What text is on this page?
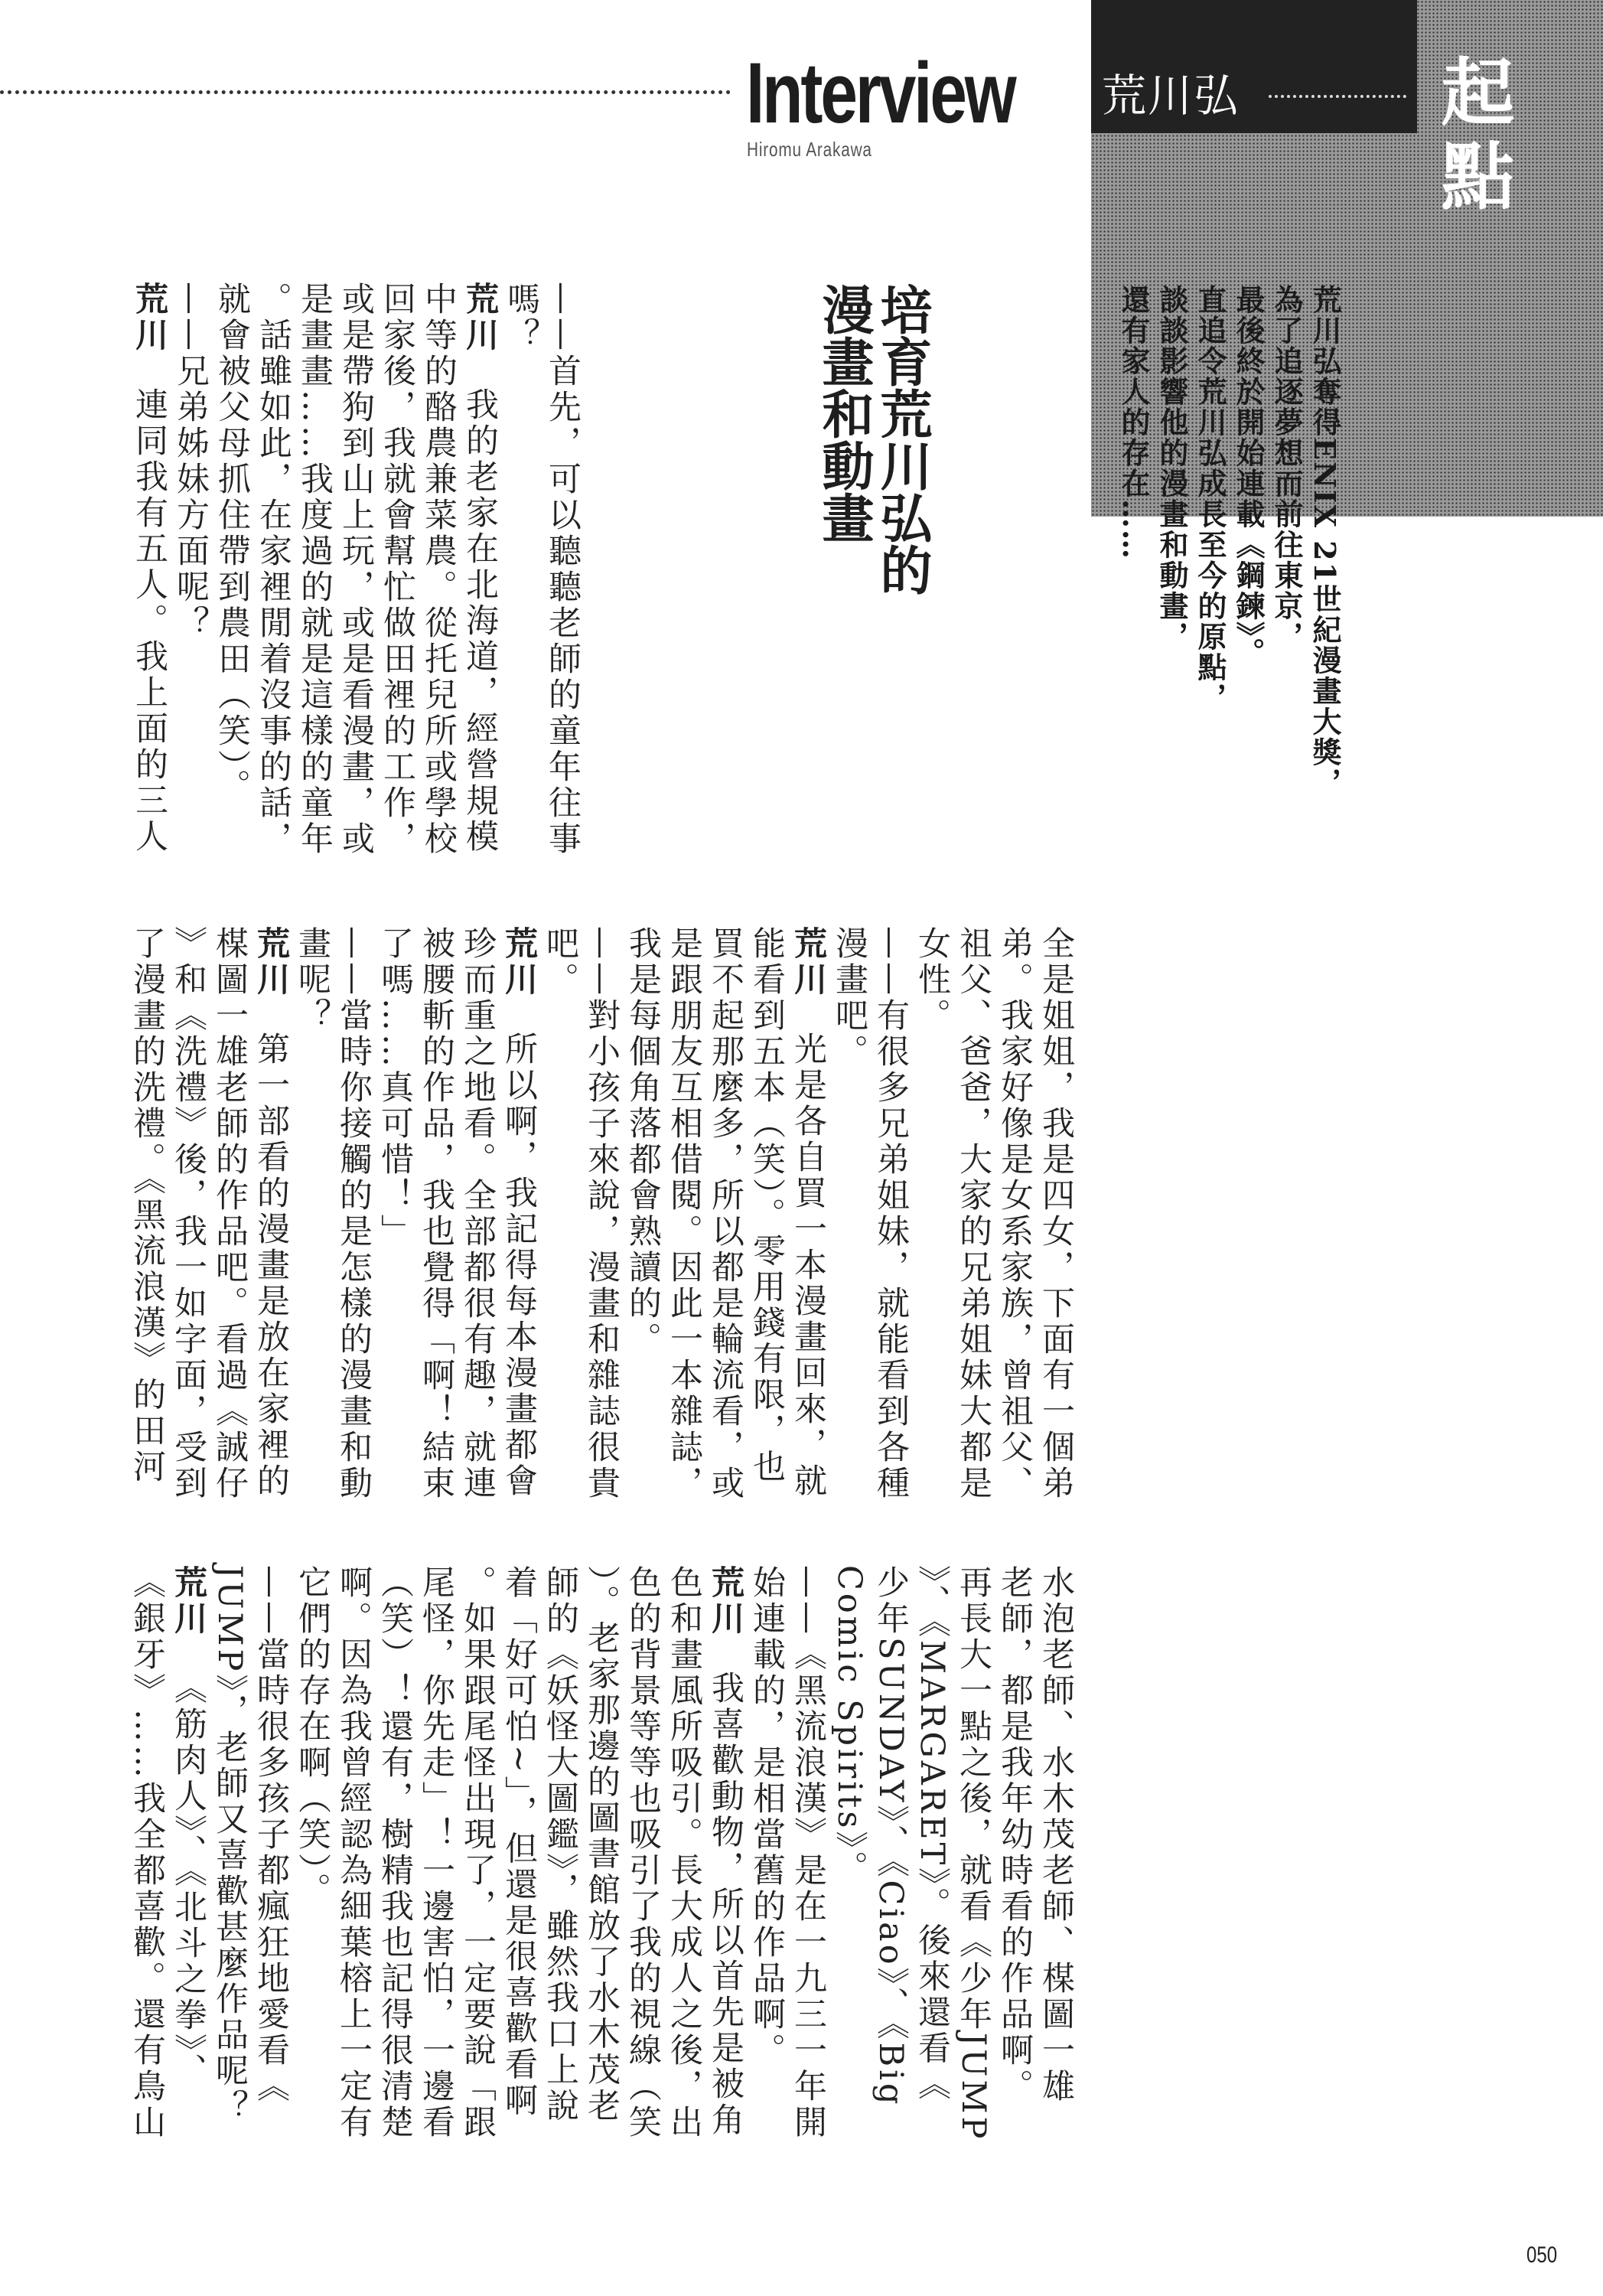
Interview
Hiromu Arakawa
荒川弘	起點
荒川弘奪得ENIX 21世紀漫畫大獎，
為了追逐夢想而前往東京，
最後終於開始連載《鋼鍊》。
直追令荒川弘成長至今的原點，
談談影響他的漫畫和動畫，
還有家人的存在……
培育荒川弘的
漫畫和動畫
——首先，可以聽聽老師的童年往事
嗎？
荒川我的老家在北海道，經營規模
中等的酪農兼菜農。從托兒所或學校
回家後，我就會幫忙做田裡的工作，
或是帶狗到山上玩，或是看漫畫，或
是畫畫……我度過的就是這樣的童年
。話雖如此，在家裡閒着沒事的話，
就會被父母抓住帶到農田（笑）。
——兄弟姊妹方面呢？
荒川連同我有五人。我上面的三人
全是姐姐，我是四女，下面有一個弟
弟。我家好像是女系家族，曾祖父、
祖父、爸爸，大家的兄弟姐妹大都是
女性。
——有很多兄弟姐妹，就能看到各種
漫畫吧。
荒川光是各自買一本漫畫回來，就
能看到五本（笑）。零用錢有限，也
買不起那麼多，所以都是輪流看，或
是跟朋友互相借閱。因此一本雜誌，
我是每個角落都會熟讀的。
——對小孩子來說，漫畫和雜誌很貴
吧。
荒川所以啊，我記得每本漫畫都會
珍而重之地看。全部都很有趣，就連
被腰斬的作品，我也覺得「啊！結束
了嗎……真可惜！」
——當時你接觸的是怎樣的漫畫和動
畫呢？
荒川第一部看的漫畫是放在家裡的
楳圖一雄老師的作品吧。看過《誠仔
》和《洗禮》後，我一如字面，受到
了漫畫的洗禮。《黑流浪漢》的田河
水泡老師、水木茂老師、楳圖一雄
老師，都是我年幼時看的作品啊。
再長大一點之後，就看《少年JUMP
》、《MARGARET》。後來還看《
少年SUNDAY》、《Ciao》、《Big
Comic Spirits》。
——《黑流浪漢》是在一九三一年開
始連載的，是相當舊的作品啊。
荒川我喜歡動物，所以首先是被角
色和畫風所吸引。長大成人之後，出
色的背景等等也吸引了我的視線（笑
）。老家那邊的圖書館放了水木茂老
師的《妖怪大圖鑑》，雖然我口上說
着「好可怕~」，但還是很喜歡看啊
。如果跟尾怪出現了，一定要說「跟
尾怪，你先走」！一邊害怕，一邊看
（笑）！還有，樹精我也記得很清楚
啊。因為我曾經認為細葉榕上一定有
它們的存在啊（笑）。
——當時很多孩子都瘋狂地愛看《
JUMP》，老師又喜歡甚麼作品呢？
荒川《筋肉人》、《北斗之拳》、
《銀牙》……我全都喜歡。還有鳥山
050
